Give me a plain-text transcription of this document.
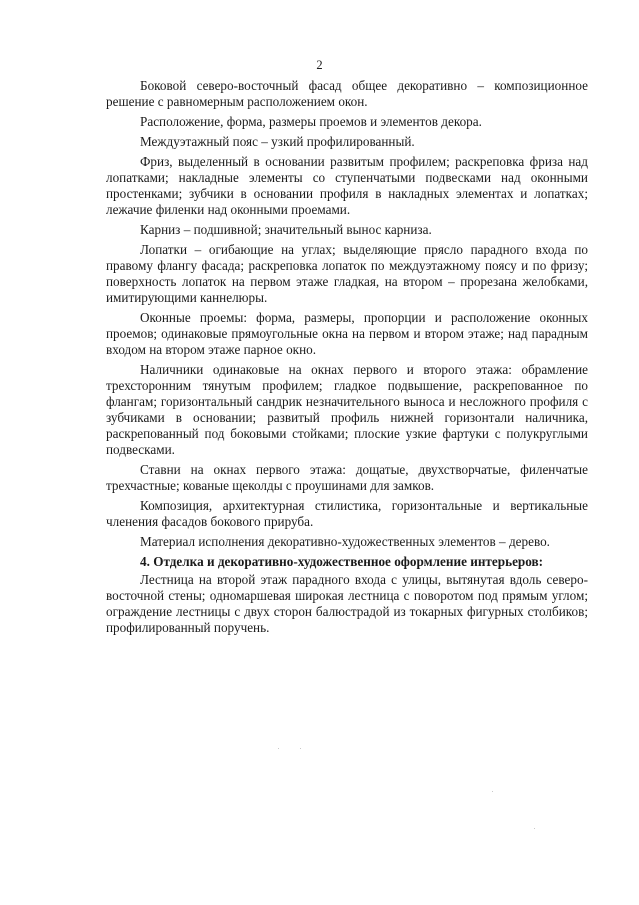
2

Боковой северо-восточный фасад общее декоративно – композиционное решение с равномерным расположением окон.

Расположение, форма, размеры проемов и элементов декора.

Междуэтажный пояс – узкий профилированный.

Фриз, выделенный в основании развитым профилем; раскреповка фриза над лопатками; накладные элементы со ступенчатыми подвесками над оконными простенками; зубчики в основании профиля в накладных элементах и лопатках; лежачие филенки над оконными проемами.

Карниз – подшивной; значительный вынос карниза.

Лопатки – огибающие на углах; выделяющие прясло парадного входа по правому флангу фасада; раскреповка лопаток по междуэтажному поясу и по фризу; поверхность лопаток на первом этаже гладкая, на втором – прорезана желобками, имитирующими каннелюры.

Оконные проемы: форма, размеры, пропорции и расположение оконных проемов; одинаковые прямоугольные окна на первом и втором этаже; над парадным входом на втором этаже парное окно.

Наличники одинаковые на окнах первого и второго этажа: обрамление трехсторонним тянутым профилем; гладкое подвышение, раскрепованное по флангам; горизонтальный сандрик незначительного выноса и несложного профиля с зубчиками в основании; развитый профиль нижней горизонтали наличника, раскрепованный под боковыми стойками; плоские узкие фартуки с полукруглыми подвесками.

Ставни на окнах первого этажа: дощатые, двухстворчатые, филенчатые трехчастные; кованые щеколды с проушинами для замков.

Композиция, архитектурная стилистика, горизонтальные и вертикальные членения фасадов бокового прируба.

Материал исполнения декоративно-художественных элементов – дерево.

4. Отделка и декоративно-художественное оформление интерьеров:

Лестница на второй этаж парадного входа с улицы, вытянутая вдоль северо-восточной стены; одномаршевая широкая лестница с поворотом под прямым углом; ограждение лестницы с двух сторон балюстрадой из токарных фигурных столбиков; профилированный поручень.
